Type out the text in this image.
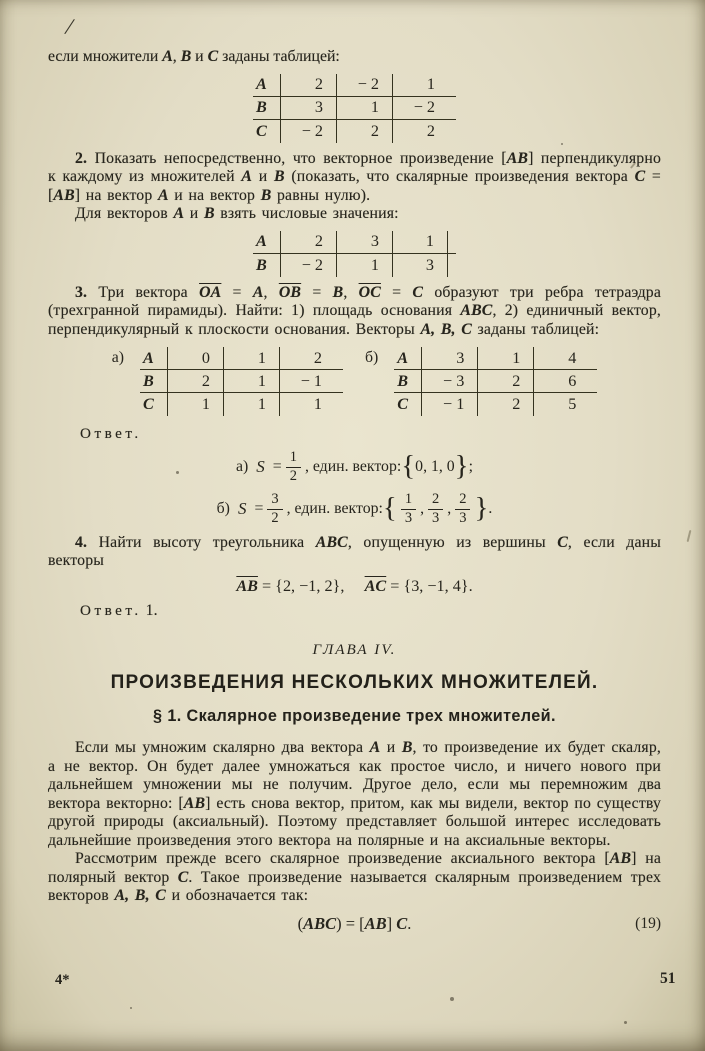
/
если множители A, B и C заданы таблицей:
A	2	− 2	1
B	3	1	− 2
C	− 2	2	2
2. Показать непосредственно, что векторное произведение [AB] перпендикулярно к каждому из множителей A и B (показать, что скалярные произведения вектора C = [AB] на вектор A и на вектор B равны нулю).
Для векторов A и B взять числовые значения:
A	2	3	1
B	− 2	1	3
3. Три вектора $\overline{OA} = A$, $\overline{OB} = B$, $\overline{OC} = C$ образуют три ребра тетраэдра (трехгранной пирамиды). Найти: 1) площадь основания ABC, 2) единичный вектор, перпендикулярный к плоскости основания. Векторы A, B, C заданы таблицей:
а) A	0	1	2
B	2	1	− 1
C	1	1	1
б) A	3	1	4
B	− 3	2	6
C	− 1	2	5
Ответ.
а) $S = \frac{1}{2}$ , един. вектор: { 0, 1, 0 } ;
б) $S = \frac{3}{2}$ , един. вектор: { $\frac{1}{3}$ , $\frac{2}{3}$ , $\frac{2}{3}$ } .
4. Найти высоту треугольника ABC, опущенную из вершины C, если даны векторы
$\overline{AB} = \{2$, −1, 2},  $\overline{AC} = \{3$, −1, 4}.
Ответ. 1.
ГЛАВА IV.
ПРОИЗВЕДЕНИЯ НЕСКОЛЬКИХ МНОЖИТЕЛЕЙ.
§ 1. Скалярное произведение трех множителей.
Если мы умножим скалярно два вектора A и B, то произведение их будет скаляр, а не вектор. Он будет далее умножаться как простое число, и ничего нового при дальнейшем умножении мы не получим. Другое дело, если мы перемножим два вектора векторно: [AB] есть снова вектор, притом, как мы видели, вектор по существу другой природы (аксиальный). Поэтому представляет большой интерес исследовать дальнейшие произведения этого вектора на полярные и на аксиальные векторы.
Рассмотрим прежде всего скалярное произведение аксиального вектора [AB] на полярный вектор C. Такое произведение называется скалярным произведением трех векторов A, B, C и обозначается так:
(ABC) = [AB] C.	(19)
4*	51
